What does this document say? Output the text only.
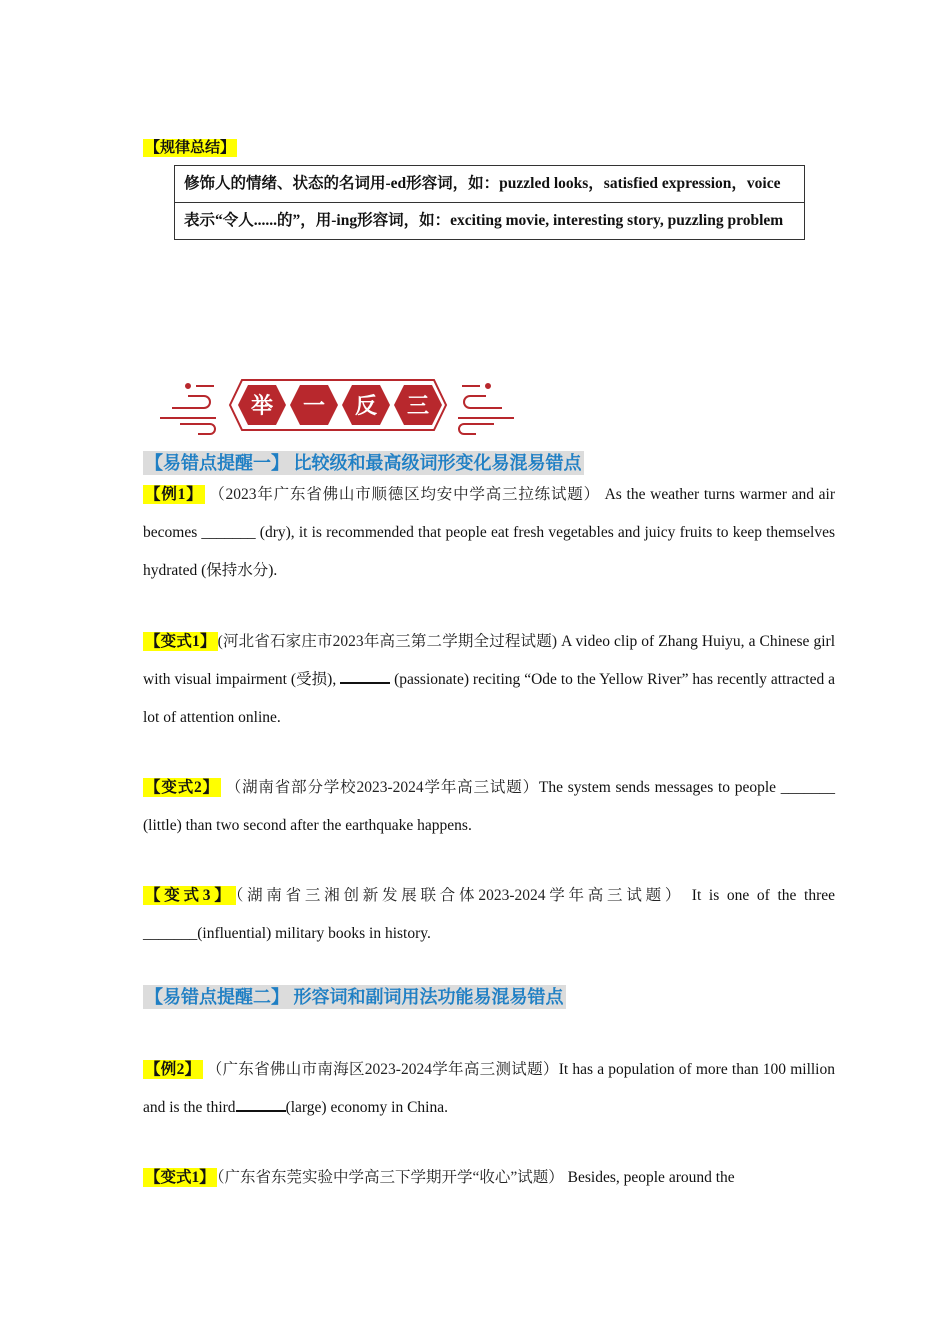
【规律总结】
修饰人的情绪、状态的名词用-ed形容词，如：puzzled looks，satisfied expression，voice
表示“令人......的”，用-ing形容词，如：exciting movie, interesting story, puzzling problem
举 一 反 三
【易错点提醒一】 比较级和最高级词形变化易混易错点
【例1】 （2023年广东省佛山市顺德区均安中学高三拉练试题） As the weather turns warmer and air becomes _______ (dry), it is recommended that people eat fresh vegetables and juicy fruits to keep themselves hydrated (保持水分).
【变式1】 (河北省石家庄市2023年高三第二学期全过程试题) A video clip of Zhang Huiyu, a Chinese girl with visual impairment (受损),	(passionate) reciting “Ode to the Yellow River” has recently attracted a lot of attention online.
【变式2】 （湖南省部分学校2023-2024学年高三试题）The system sends messages to people _______ (little) than two second after the earthquake happens.
【变式3】 （湖南省三湘创新发展联合体2023-2024学年高三试题） It is one of the three _______(influential) military books in history.
【易错点提醒二】 形容词和副词用法功能易混易错点
【例2】 （广东省佛山市南海区2023-2024学年高三测试题）It has a population of more than 100 million and is the third	(large) economy in China.
【变式1】 （广东省东莞实验中学高三下学期开学“收心”试题） Besides, people around the
